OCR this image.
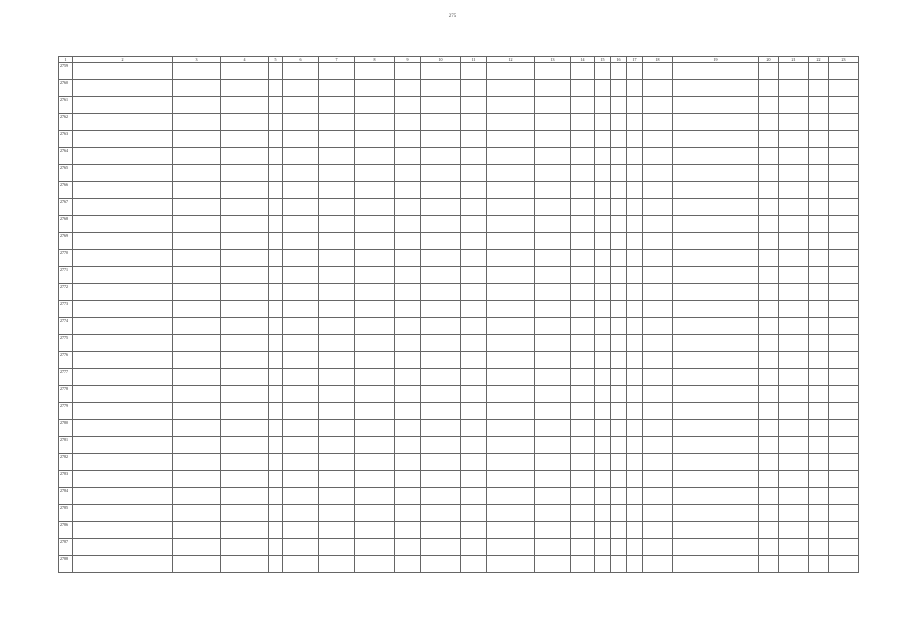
275
1	2	3	4	5	6	7	8	9	10	11	12	13	14	15	16	17	18	19	20	21	22	23
2759																						
2760																						
2761																						
2762																						
2763																						
2764																						
2765																						
2766																						
2767																						
2768																						
2769																						
2770																						
2771																						
2772																						
2773																						
2774																						
2775																						
2776																						
2777																						
2778																						
2779																						
2780																						
2781																						
2782																						
2783																						
2784																						
2785																						
2786																						
2787																						
2788																						
